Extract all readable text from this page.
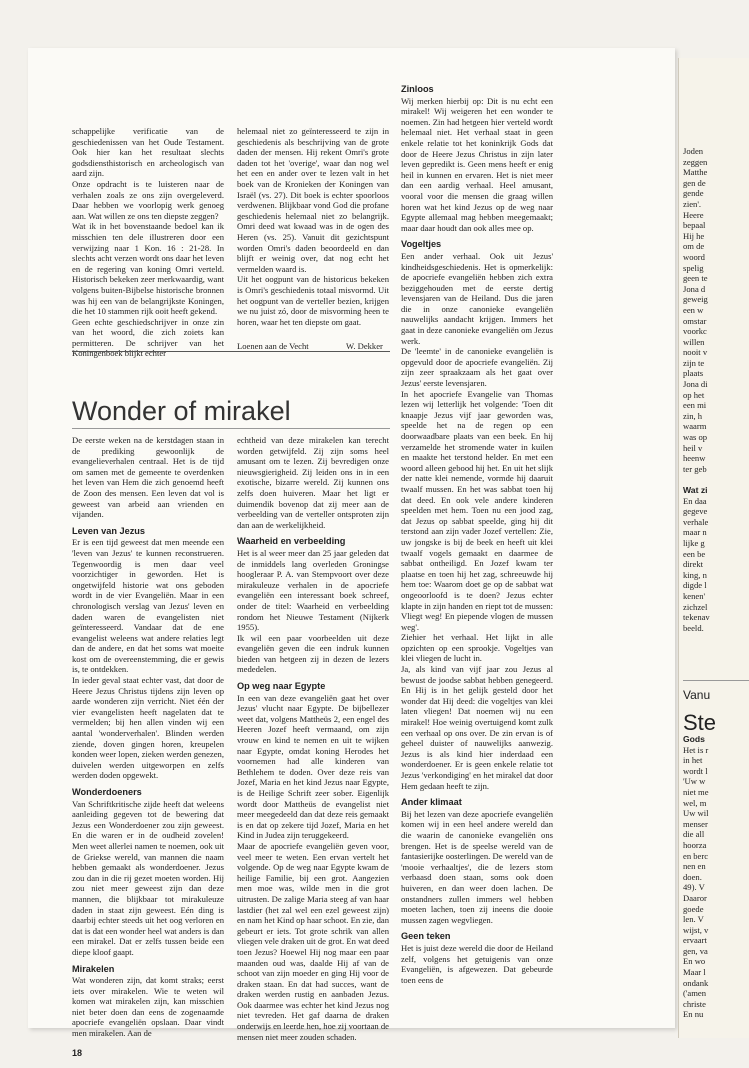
schappelijke verificatie van de geschiedenissen van het Oude Testament. Ook hier kan het resultaat slechts godsdiensthistorisch en archeologisch van aard zijn.

Onze opdracht is te luisteren naar de verhalen zoals ze ons zijn overgeleverd. Daar hebben we voorlopig werk genoeg aan. Wat willen ze ons ten diepste zeggen?

Wat ik in het bovenstaande bedoel kan ik misschien ten dele illustreren door een verwijzing naar 1 Kon. 16 : 21-28. In slechts acht verzen wordt ons daar het leven en de regering van koning Omri verteld. Historisch bekeken zeer merkwaardig, want volgens buiten-Bijbelse historische bronnen was hij een van de belangrijkste Koningen, die het 10 stammen rijk ooit heeft gekend.

Geen echte geschiedschrijver in onze zin van het woord, die zich zoiets kan permitteren. De schrijver van het Koningenboek blijkt echter

helemaal niet zo geïnteresseerd te zijn in geschiedenis als beschrijving van de grote daden der mensen. Hij rekent Omri's grote daden tot het 'overige', waar dan nog wel het een en ander over te lezen valt in het boek van de Kronieken der Koningen van Israël (vs. 27). Dit boek is echter spoorloos verdwenen. Blijkbaar vond God die profane geschiedenis helemaal niet zo belangrijk. Omri deed wat kwaad was in de ogen des Heren (vs. 25). Vanuit dit gezichtspunt worden Omri's daden beoordeeld en dan blijft er weinig over, dat nog echt het vermelden waard is.

Uit het oogpunt van de historicus bekeken is Omri's geschiedenis totaal misvormd. Uit het oogpunt van de verteller bezien, krijgen we nu juist zó, door de misvorming heen te horen, waar het ten diepste om gaat.

Loenen aan de Vecht	W. Dekker
Wonder of mirakel

De eerste weken na de kerstdagen staan in de prediking gewoonlijk de evangelieverhalen centraal. Het is de tijd om samen met de gemeente te overdenken het leven van Hem die zich genoemd heeft de Zoon des mensen. Een leven dat vol is geweest van arbeid aan vrienden en vijanden.

Leven van Jezus

Er is een tijd geweest dat men meende een 'leven van Jezus' te kunnen reconstrueren. Tegenwoordig is men daar veel voorzichtiger in geworden. Het is ongetwijfeld historie wat ons geboden wordt in de vier Evangeliën. Maar in een chronologisch verslag van Jezus' leven en daden waren de evangelisten niet geïnteresseerd. Vandaar dat de ene evangelist weleens wat andere relaties legt dan de andere, en dat het soms wat moeite kost om de overeenstemming, die er gewis is, te ontdekken.

In ieder geval staat echter vast, dat door de Heere Jezus Christus tijdens zijn leven op aarde wonderen zijn verricht. Niet één der vier evangelisten heeft nagelaten dat te vermelden; bij hen allen vinden wij een aantal 'wonderverhalen'. Blinden werden ziende, doven gingen horen, kreupelen konden weer lopen, zieken werden genezen, duivelen werden uitgeworpen en zelfs werden doden opgewekt.

Wonderdoeners

Van Schriftkritische zijde heeft dat weleens aanleiding gegeven tot de bewering dat Jezus een Wonderdoener zou zijn geweest. En die waren er in de oudheid zovelen! Men weet allerlei namen te noemen, ook uit de Griekse wereld, van mannen die naam hebben gemaakt als wonderdoener. Jezus zou dan in die rij gezet moeten worden. Hij zou niet meer geweest zijn dan deze mannen, die blijkbaar tot mirakuleuze daden in staat zijn geweest. Eén ding is daarbij echter steeds uit het oog verloren en dat is dat een wonder heel wat anders is dan een mirakel. Dat er zelfs tussen beide een diepe kloof gaapt.

Mirakelen

Wat wonderen zijn, dat komt straks; eerst iets over mirakelen. Wie te weten wil komen wat mirakelen zijn, kan misschien niet beter doen dan eens de zogenaamde apocriefe evangeliën opslaan. Daar vindt men mirakelen. Aan de

echtheid van deze mirakelen kan terecht worden getwijfeld. Zij zijn soms heel amusant om te lezen. Zij bevredigen onze nieuwsgierigheid. Zij leiden ons in in een exotische, bizarre wereld. Zij kunnen ons zelfs doen huiveren. Maar het ligt er duimendik bovenop dat zij meer aan de verbeelding van de verteller ontsproten zijn dan aan de werkelijkheid.

Waarheid en verbeelding

Het is al weer meer dan 25 jaar geleden dat de inmiddels lang overleden Groningse hoogleraar P. A. van Stempvoort over deze mirakuleuze verhalen in de apocriefe evangeliën een interessant boek schreef, onder de titel: Waarheid en verbeelding rondom het Nieuwe Testament (Nijkerk 1955).

Ik wil een paar voorbeelden uit deze evangeliën geven die een indruk kunnen bieden van hetgeen zij in dezen de lezers mededelen.

Op weg naar Egypte

In een van deze evangeliën gaat het over Jezus' vlucht naar Egypte. De bijbellezer weet dat, volgens Mattheüs 2, een engel des Heeren Jozef heeft vermaand, om zijn vrouw en kind te nemen en uit te wijken naar Egypte, omdat koning Herodes het voornemen had alle kinderen van Bethlehem te doden. Over deze reis van Jozef, Maria en het kind Jezus naar Egypte, is de Heilige Schrift zeer sober. Eigenlijk wordt door Mattheüs de evangelist niet meer meegedeeld dan dat deze reis gemaakt is en dat op zekere tijd Jozef, Maria en het Kind in Judea zijn teruggekeerd.

Maar de apocriefe evangeliën geven voor, veel meer te weten. Een ervan vertelt het volgende. Op de weg naar Egypte kwam de heilige Familie, bij een grot. Aangezien men moe was, wilde men in die grot uitrusten. De zalige Maria steeg af van haar lastdier (het zal wel een ezel geweest zijn) en nam het Kind op haar schoot. En zie, dan gebeurt er iets. Tot grote schrik van allen vliegen vele draken uit de grot. En wat deed toen Jezus? Hoewel Hij nog maar een paar maanden oud was, daalde Hij af van de schoot van zijn moeder en ging Hij voor de draken staan. En dat had succes, want de draken werden rustig en aanbaden Jezus. Ook daarmee was echter het kind Jezus nog niet tevreden. Het gaf daarna de draken onderwijs en leerde hen, hoe zij voortaan de mensen niet meer zouden schaden.

Zinloos

Wij merken hierbij op: Dit is nu echt een mirakel! Wij weigeren het een wonder te noemen. Zin had hetgeen hier verteld wordt helemaal niet. Het verhaal staat in geen enkele relatie tot het koninkrijk Gods dat door de Heere Jezus Christus in zijn later leven gepredikt is. Geen mens heeft er enig heil in kunnen en ervaren. Het is niet meer dan een aardig verhaal. Heel amusant, vooral voor die mensen die graag willen horen wat het kind Jezus op de weg naar Egypte allemaal mag hebben meegemaakt; maar daar houdt dan ook alles mee op.

Vogeltjes

Een ander verhaal. Ook uit Jezus' kindheidsgeschiedenis. Het is opmerkelijk: de apocriefe evangeliën hebben zich extra beziggehouden met de eerste dertig levensjaren van de Heiland. Dus die jaren die in onze canonieke evangeliën nauwelijks aandacht krijgen. Immers het gaat in deze canonieke evangeliën om Jezus werk.

De 'leemte' in de canonieke evangeliën is opgevuld door de apocriefe evangeliën. Zij zijn zeer spraakzaam als het gaat over Jezus' eerste levensjaren.

In het apocriefe Evangelie van Thomas lezen wij letterlijk het volgende: 'Toen dit knaapje Jezus vijf jaar geworden was, speelde het na de regen op een doorwaadbare plaats van een beek. En hij verzamelde het stromende water in kuilen en maakte het terstond helder. En met een woord alleen gebood hij het. En uit het slijk der natte klei nemende, vormde hij daaruit twaalf mussen. En het was sabbat toen hij dat deed. En ook vele andere kinderen speelden met hem. Toen nu een jood zag, dat Jezus op sabbat speelde, ging hij dit terstond aan zijn vader Jozef vertellen: Zie, uw jongske is bij de beek en heeft uit klei twaalf vogels gemaakt en daarmee de sabbat ontheiligd. En Jozef kwam ter plaatse en toen hij het zag, schreeuwde hij hem toe: Waarom doet ge op de sabbat wat ongeoorloofd is te doen? Jezus echter klapte in zijn handen en riept tot de mussen: Vliegt weg! En piepende vlogen de mussen weg'.

Ziehier het verhaal. Het lijkt in alle opzichten op een sprookje. Vogeltjes van klei vliegen de lucht in.

Ja, als kind van vijf jaar zou Jezus al bewust de joodse sabbat hebben genegeerd. En Hij is in het gelijk gesteld door het wonder dat Hij deed: die vogeltjes van klei laten vliegen! Dat noemen wij nu een mirakel! Hoe weinig overtuigend komt zulk een verhaal op ons over. De zin ervan is of geheel duister of nauwelijks aanwezig. Jezus is als kind hier inderdaad een wonderdoener. Er is geen enkele relatie tot Jezus 'verkondiging' en het mirakel dat door Hem gedaan heeft te zijn.

Ander klimaat

Bij het lezen van deze apocriefe evangeliën komen wij in een heel andere wereld dan die waarin de canonieke evangeliën ons brengen. Het is de speelse wereld van de fantasierijke oosterlingen. De wereld van de 'mooie verhaaltjes', die de lezers stom verbaasd doen staan, soms ook doen huiveren, en dan weer doen lachen. De onstandners zullen immers wel hebben moeten lachen, toen zij ineens die dooie mussen zagen wegvliegen.

Geen teken

Het is juist deze wereld die door de Heiland zelf, volgens het getuigenis van onze Evangeliën, is afgewezen. Dat gebeurde toen eens de

18
Joden
zeggen
Matthe
gen de
gende
zien'.
Heere
bepaal
Hij he
om de
woord
spelig
geen te
Jona d
geweig
een w
omstar
voorkc
willen
nooit v
zijn te
plaats
Jona di
op het
een mi
zin, h
waarm
was op
heil v
heenw
ter geb
Wat zi
En daa
gegeve
verhale
maar n
lijke g
een be
direkt
king, n
digde l
kenen'
zichzel
tekenav
beeld.
Vanu
Ste
Gods
Het is r
in het
wordt l
'Uw w
niet me
wel, m
Uw wil
menser
die all
hoorza
en berc
nen en
doen.
49). V
Daaror
goede
len. V
wijst, v
ervaart
gen, va
En wo
Maar l
ondank
('amen
christe
En nu
